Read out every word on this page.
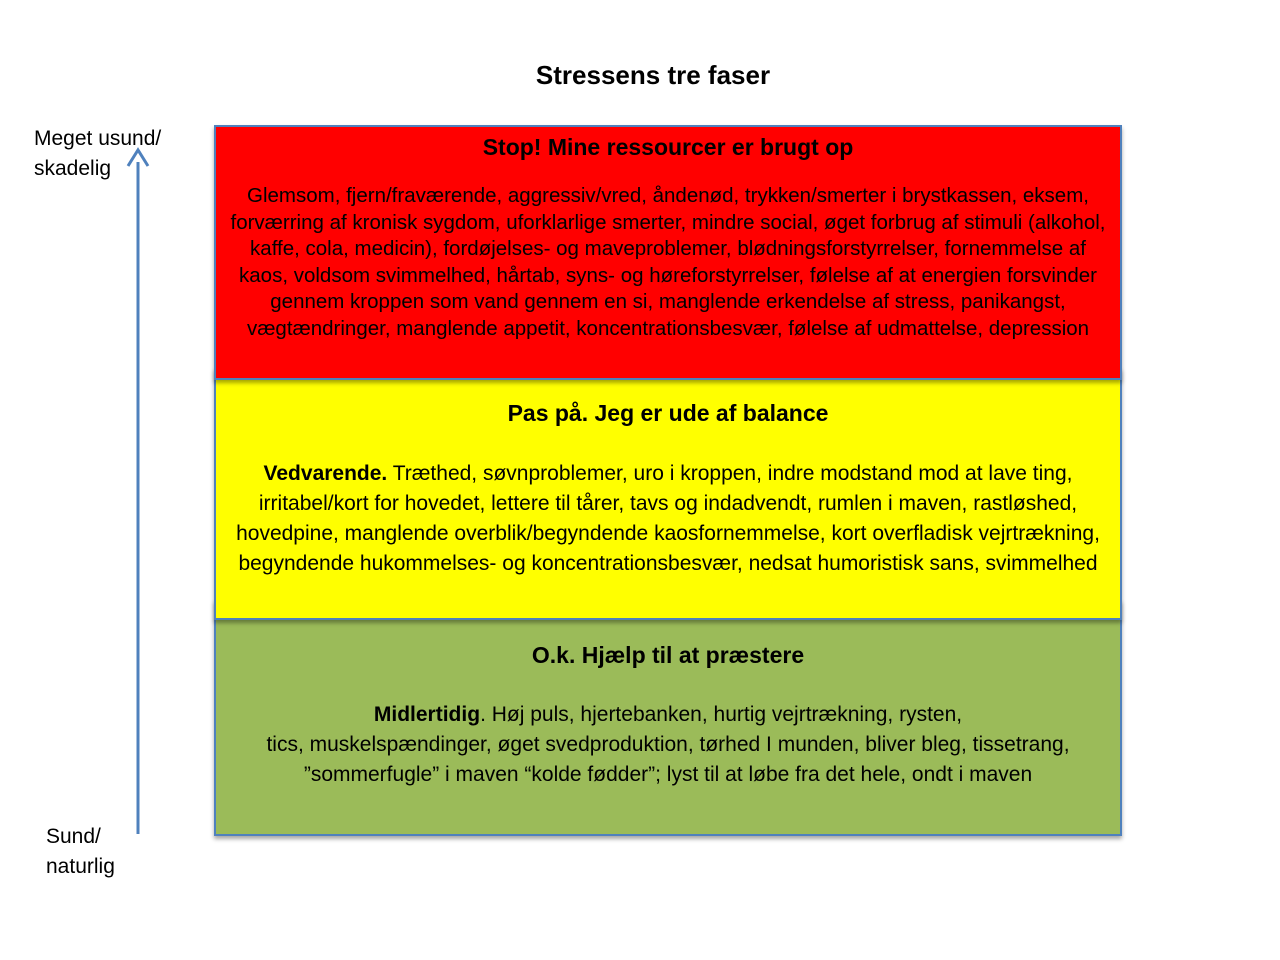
Stressens tre faser
Meget usund/
skadelig
Sund/
naturlig
Stop! Mine ressourcer er brugt op
Glemsom, fjern/fraværende, aggressiv/vred, åndenød, trykken/smerter i brystkassen, eksem, forværring af kronisk sygdom, uforklarlige smerter, mindre social, øget forbrug af stimuli (alkohol, kaffe, cola, medicin), fordøjelses- og maveproblemer, blødningsforstyrrelser, fornemmelse af kaos, voldsom svimmelhed, hårtab, syns- og høreforstyrrelser, følelse af at energien forsvinder gennem kroppen som vand gennem en si, manglende erkendelse af stress, panikangst, vægtændringer, manglende appetit, koncentrationsbesvær, følelse af udmattelse, depression
Pas på. Jeg er ude af balance
Vedvarende. Træthed, søvnproblemer, uro i kroppen, indre modstand mod at lave ting, irritabel/kort for hovedet, lettere til tårer, tavs og indadvendt, rumlen i maven, rastløshed, hovedpine, manglende overblik/begyndende kaosfornemmelse, kort overfladisk vejrtrækning, begyndende hukommelses- og koncentrationsbesvær, nedsat humoristisk sans, svimmelhed
O.k. Hjælp til at præstere
Midlertidig. Høj puls, hjertebanken, hurtig vejrtrækning, rysten,
tics, muskelspændinger, øget svedproduktion, tørhed I munden, bliver bleg, tissetrang, ”sommerfugle” i maven “kolde fødder”; lyst til at løbe fra det hele, ondt i maven
